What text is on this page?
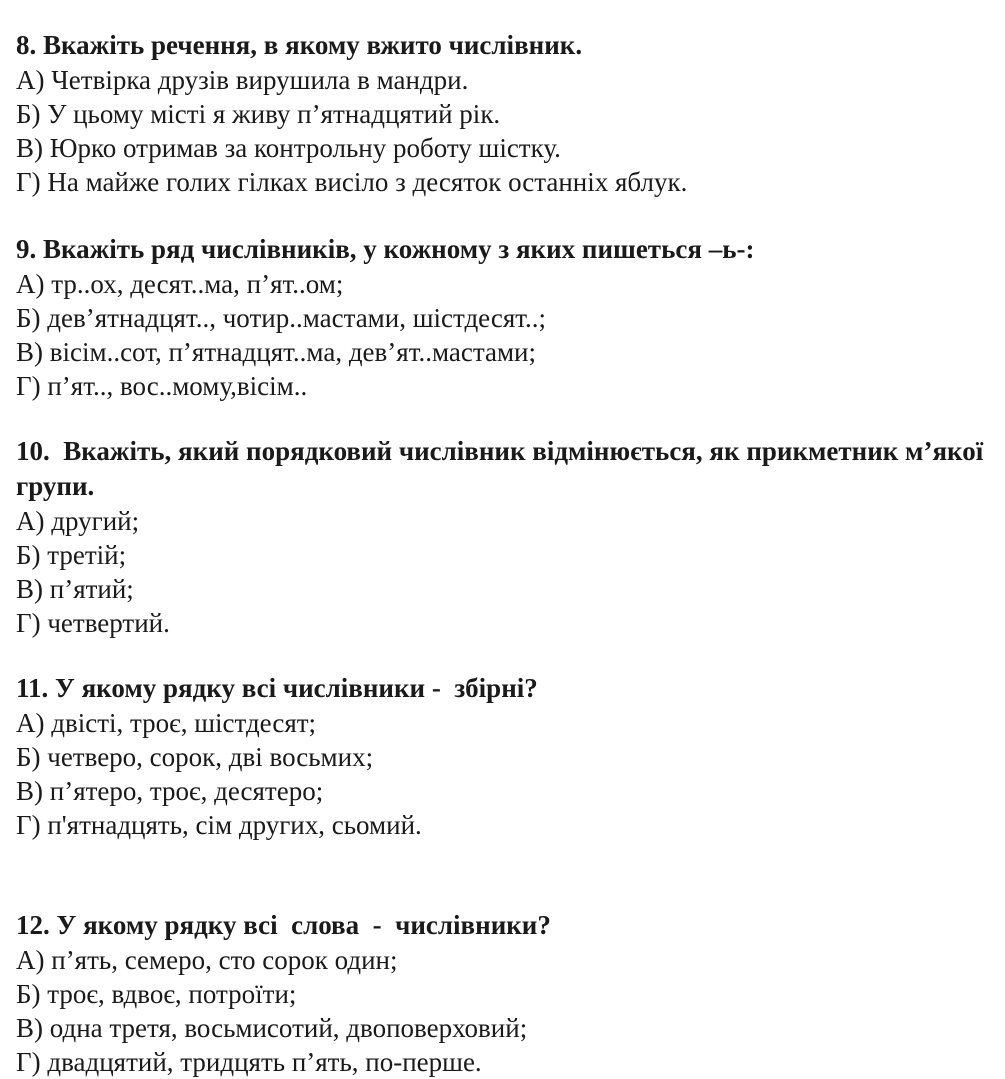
8. Вкажіть речення, в якому вжито числівник.

А) Четвірка друзів вирушила в мандри.

Б) У цьому місті я живу п’ятнадцятий рік.

В) Юрко отримав за контрольну роботу шістку.

Г) На майже голих гілках висіло з десяток останніх яблук.

9. Вкажіть ряд числівників, у кожному з яких пишеться –ь-:

А) тр..ох, десят..ма, п’ят..ом;

Б) дев’ятнадцят.., чотир..мастами, шістдесят..;

В) вісім..сот, п’ятнадцят..ма, дев’ят..мастами;

Г) п’ят.., вос..мому,вісім..

10.  Вкажіть, який порядковий числівник відмінюється, як прикметник м’якої групи.

А) другий;

Б) третій;

В) п’ятий;

Г) четвертий.

11. У якому рядку всі числівники -  збірні?

А) двісті, троє, шістдесят;

Б) четверо, сорок, дві восьмих;

В) п’ятеро, троє, десятеро;

Г) п'ятнадцять, сім других, сьомий.

12. У якому рядку всі  слова  -  числівники?

А) п’ять, семеро, сто сорок один;

Б) троє, вдвоє, потроїти;

В) одна третя, восьмисотий, двоповерховий;

Г) двадцятий, тридцять п’ять, по-перше.
